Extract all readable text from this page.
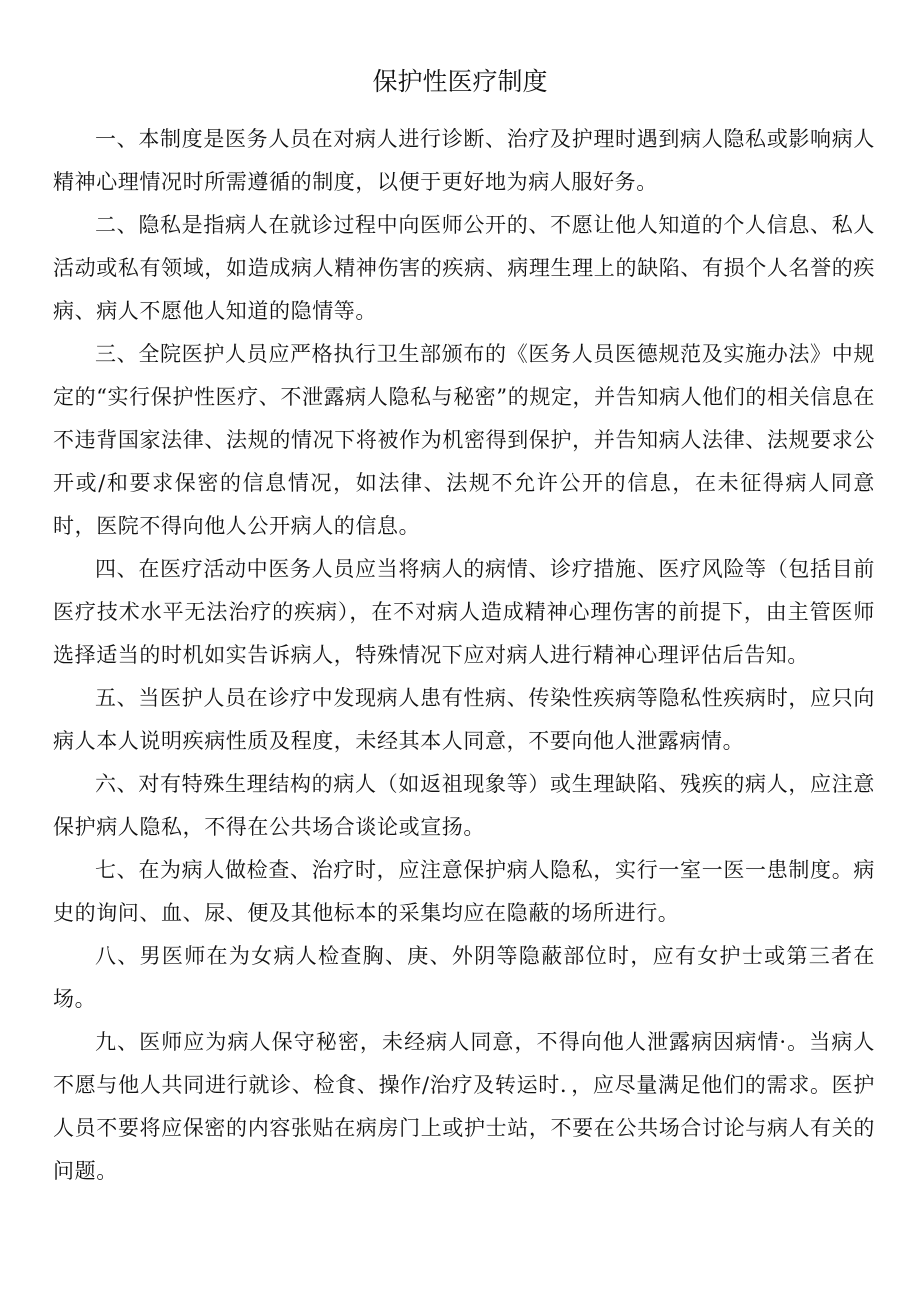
保护性医疗制度

一、本制度是医务人员在对病人进行诊断、治疗及护理时遇到病人隐私或影响病人精神心理情况时所需遵循的制度，以便于更好地为病人服好务。

二、隐私是指病人在就诊过程中向医师公开的、不愿让他人知道的个人信息、私人活动或私有领域，如造成病人精神伤害的疾病、病理生理上的缺陷、有损个人名誉的疾病、病人不愿他人知道的隐情等。

三、全院医护人员应严格执行卫生部颁布的《医务人员医德规范及实施办法》中规定的“实行保护性医疗、不泄露病人隐私与秘密”的规定，并告知病人他们的相关信息在不违背国家法律、法规的情况下将被作为机密得到保护，并告知病人法律、法规要求公开或/和要求保密的信息情况，如法律、法规不允许公开的信息，在未征得病人同意时，医院不得向他人公开病人的信息。

四、在医疗活动中医务人员应当将病人的病情、诊疗措施、医疗风险等（包括目前医疗技术水平无法治疗的疾病），在不对病人造成精神心理伤害的前提下，由主管医师选择适当的时机如实告诉病人，特殊情况下应对病人进行精神心理评估后告知。

五、当医护人员在诊疗中发现病人患有性病、传染性疾病等隐私性疾病时，应只向病人本人说明疾病性质及程度，未经其本人同意，不要向他人泄露病情。

六、对有特殊生理结构的病人（如返祖现象等）或生理缺陷、残疾的病人，应注意保护病人隐私，不得在公共场合谈论或宣扬。

七、在为病人做检查、治疗时，应注意保护病人隐私，实行一室一医一患制度。病史的询问、血、尿、便及其他标本的采集均应在隐蔽的场所进行。

八、男医师在为女病人检查胸、庚、外阴等隐蔽部位时，应有女护士或第三者在场。

九、医师应为病人保守秘密，未经病人同意，不得向他人泄露病因病情·。当病人不愿与他人共同进行就诊、检食、操作/治疗及转运时．，应尽量满足他们的需求。医护人员不要将应保密的内容张贴在病房门上或护士站，不要在公共场合讨论与病人有关的问题。
